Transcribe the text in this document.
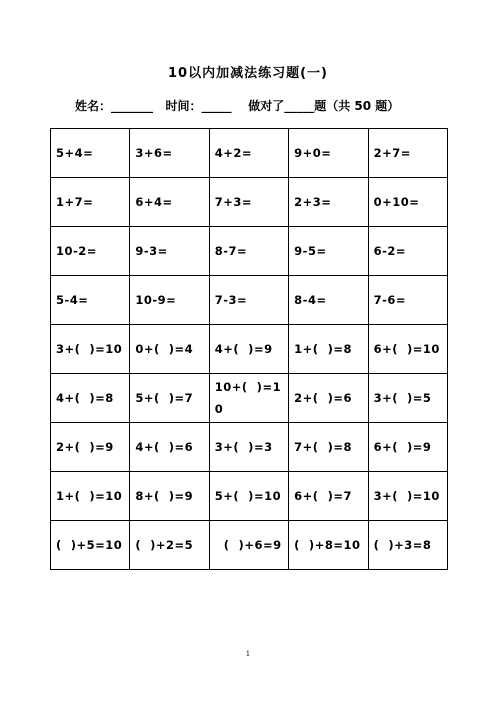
10以内加减法练习题(一)
姓名：_______   时间：_____    做对了_____题（共 50 题）
5+4=	3+6=	4+2=	9+0=	2+7=
1+7=	6+4=	7+3=	2+3=	0+10=
10-2=	9-3=	8-7=	9-5=	6-2=
5-4=	10-9=	7-3=	8-4=	7-6=
3+(  )=10	0+(  )=4	4+(  )=9	1+(  )=8	6+(  )=10
4+(  )=8	5+(  )=7	10+(  )=10	2+(  )=6	3+(  )=5
2+(  )=9	4+(  )=6	3+(  )=3	7+(  )=8	6+(  )=9
1+(  )=10	8+(  )=9	5+(  )=10	6+(  )=7	3+(  )=10
(  )+5=10	(  )+2=5	(  )+6=9	(  )+8=10	(  )+3=8
1
